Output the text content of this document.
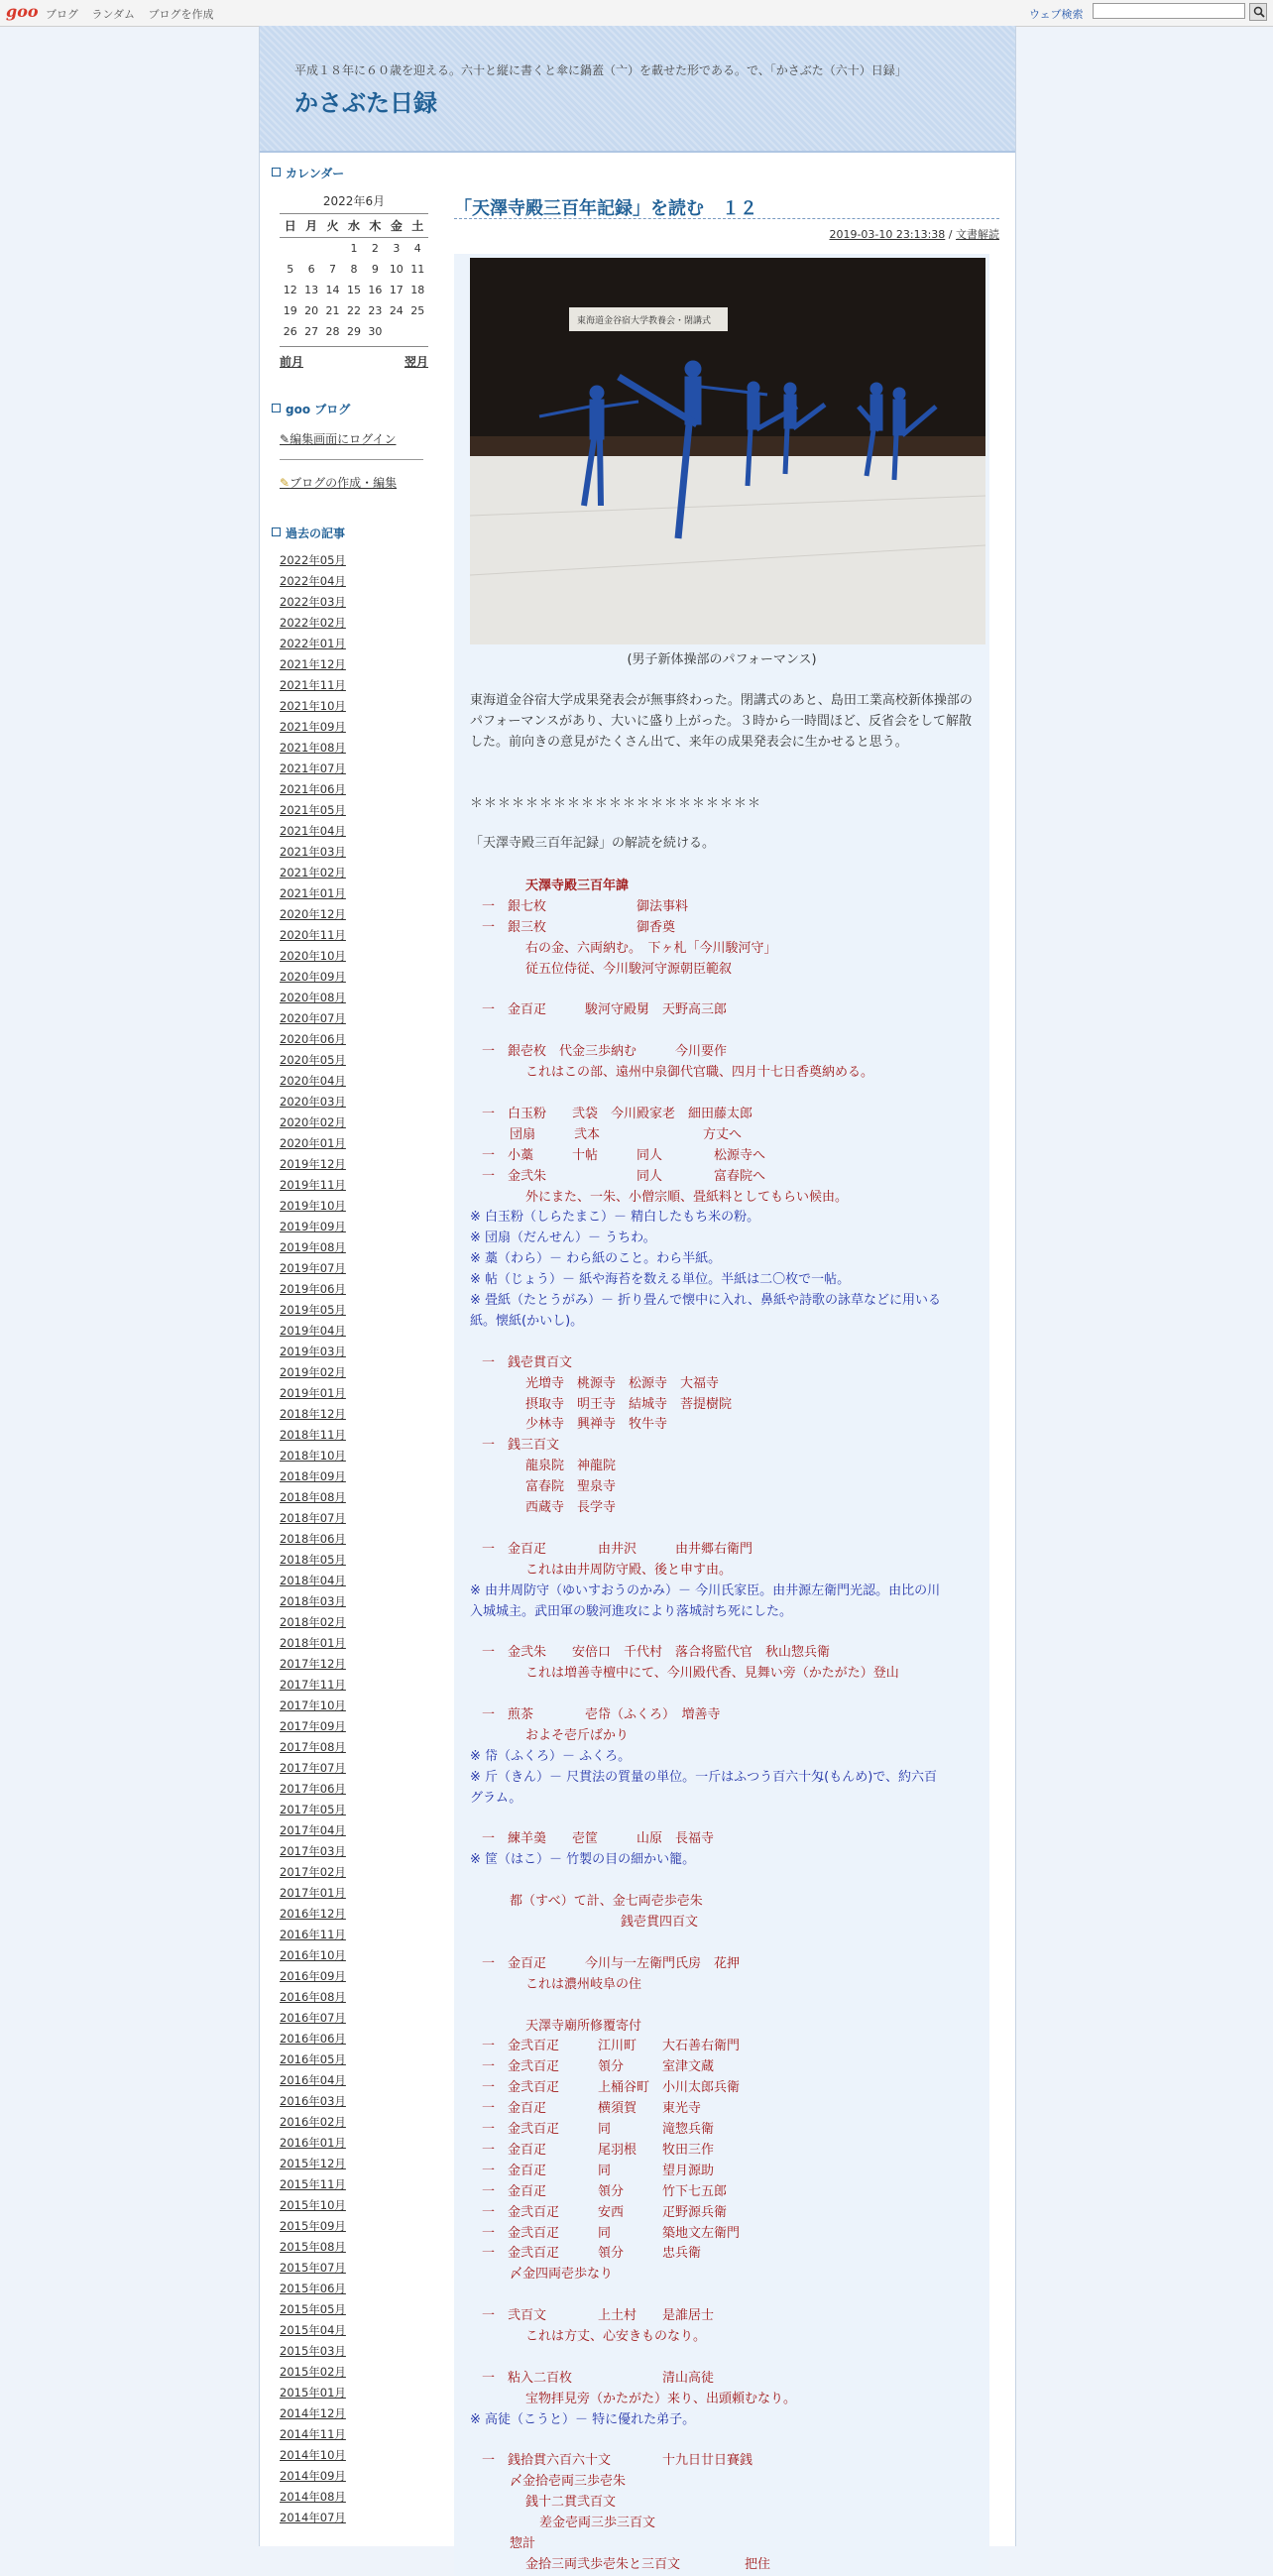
goo ブログ ランダム ブログを作成	ウェブ検索
平成１８年に６０歳を迎える。六十と縦に書くと傘に鍋蓋（亠）を載せた形である。で、「かさぶた（六十）日録」
かさぶた日録
カレンダー
2022年6月
日	月	火	水	木	金	土
			1	2	3	4
5	6	7	8	9	10	11
12	13	14	15	16	17	18
19	20	21	22	23	24	25
26	27	28	29	30		
前月	翌月
goo ブログ
✎編集画面にログイン
✎ブログの作成・編集
過去の記事
2022年05月
2022年04月
2022年03月
2022年02月
2022年01月
2021年12月
2021年11月
2021年10月
2021年09月
2021年08月
2021年07月
2021年06月
2021年05月
2021年04月
2021年03月
2021年02月
2021年01月
2020年12月
2020年11月
2020年10月
2020年09月
2020年08月
2020年07月
2020年06月
2020年05月
2020年04月
2020年03月
2020年02月
2020年01月
2019年12月
2019年11月
2019年10月
2019年09月
2019年08月
2019年07月
2019年06月
2019年05月
2019年04月
2019年03月
2019年02月
2019年01月
2018年12月
2018年11月
2018年10月
2018年09月
2018年08月
2018年07月
2018年06月
2018年05月
2018年04月
2018年03月
2018年02月
2018年01月
2017年12月
2017年11月
2017年10月
2017年09月
2017年08月
2017年07月
2017年06月
2017年05月
2017年04月
2017年03月
2017年02月
2017年01月
2016年12月
2016年11月
2016年10月
2016年09月
2016年08月
2016年07月
2016年06月
2016年05月
2016年04月
2016年03月
2016年02月
2016年01月
2015年12月
2015年11月
2015年10月
2015年09月
2015年08月
2015年07月
2015年06月
2015年05月
2015年04月
2015年03月
2015年02月
2015年01月
2014年12月
2014年11月
2014年10月
2014年09月
2014年08月
2014年07月
「天澤寺殿三百年記録」を読む　１２
2019-03-10 23:13:38 / 文書解読
東海道金谷宿大学教養会・閉講式
(男子新体操部のパフォーマンス)
東海道金谷宿大学成果発表会が無事終わった。閉講式のあと、島田工業高校新体操部のパフォーマンスがあり、大いに盛り上がった。３時から一時間ほど、反省会をして解散した。前向きの意見がたくさん出て、来年の成果発表会に生かせると思う。
＊＊＊＊＊＊＊＊＊＊＊＊＊＊＊＊＊＊＊＊＊
「天澤寺殿三百年記録」の解読を続ける。
天澤寺殿三百年諱
一　銀七枚　　　　　　　御法事料
一　銀三枚　　　　　　　御香奠
右の金、六両納む。　下ヶ札「今川駿河守」
従五位侍従、今川駿河守源朝臣範叙
一　金百疋　　　駿河守殿舅　天野高三郎
一　銀壱枚　代金三歩納む　　　今川要作
これはこの部、遠州中泉御代官職、四月十七日香奠納める。
一　白玉粉　　弐袋　今川殿家老　細田藤太郎
団扇　　　弐本　　　　　　　　方丈へ
一　小藁　　　十帖　　　同人　　　　松源寺へ
一　金弐朱　　　　　　　同人　　　　富春院へ
外にまた、一朱、小僧宗順、畳紙料としてもらい候由。
※ 白玉粉（しらたまこ）－ 精白したもち米の粉。
※ 団扇（だんせん）－ うちわ。
※ 藁（わら）－ わら紙のこと。わら半紙。
※ 帖（じょう）－ 紙や海苔を数える単位。半紙は二〇枚で一帖。
※ 畳紙（たとうがみ）－ 折り畳んで懐中に入れ、鼻紙や詩歌の詠草などに用いる
紙。懐紙(かいし)。
一　銭壱貫百文
光増寺　桃源寺　松源寺　大福寺
摂取寺　明王寺　結城寺　菩提樹院
少林寺　興禅寺　牧牛寺
一　銭三百文
龍泉院　神龍院
富春院　聖泉寺
西蔵寺　長学寺
一　金百疋　　　　由井沢　　　由井郷右衛門
これは由井周防守殿、後と申す由。
※ 由井周防守（ゆいすおうのかみ）－ 今川氏家臣。由井源左衛門光認。由比の川
入城城主。武田軍の駿河進攻により落城討ち死にした。
一　金弐朱　　安倍口　千代村　落合将監代官　秋山惣兵衛
これは増善寺檀中にて、今川殿代香、見舞い旁（かたがた）登山
一　煎茶　　　　壱帒（ふくろ）　増善寺
およそ壱斤ばかり
※ 帒（ふくろ）－ ふくろ。
※ 斤（きん）－ 尺貫法の質量の単位。一斤はふつう百六十匁(もんめ)で、約六百
グラム。
一　練羊羮　　壱筐　　　山原　長福寺
※ 筐（はこ）－ 竹製の目の細かい籠。
都（すべ）て計、金七両壱歩壱朱
銭壱貫四百文
一　金百疋　　　今川与一左衛門氏房　花押
これは濃州岐阜の住
天澤寺廟所修覆寄付
一　金弐百疋　　　江川町　　大石善右衛門
一　金弐百疋　　　領分　　　室津文蔵
一　金弐百疋　　　上桶谷町　小川太郎兵衛
一　金百疋　　　　横須賀　　東光寺
一　金弐百疋　　　同　　　　滝惣兵衛
一　金百疋　　　　尾羽根　　牧田三作
一　金百疋　　　　同　　　　望月源助
一　金百疋　　　　領分　　　竹下七五郎
一　金弐百疋　　　安西　　　疋野源兵衛
一　金弐百疋　　　同　　　　築地文左衛門
一　金弐百疋　　　領分　　　忠兵衛
〆金四両壱歩なり
一　弐百文　　　　上土村　　是誰居士
これは方丈、心安きものなり。
一　粘入二百枚　　　　　　　清山高徒
宝物拝見旁（かたがた）来り、出頭頼むなり。
※ 高徒（こうと）－ 特に優れた弟子。
一　銭拾貫六百六十文　　　　十九日廿日賽銭
〆金拾壱両三歩壱朱
銭十二貫弐百文
差金壱両三歩三百文
惣計
金拾三両弐歩壱朱と三百文　　　　　把住
